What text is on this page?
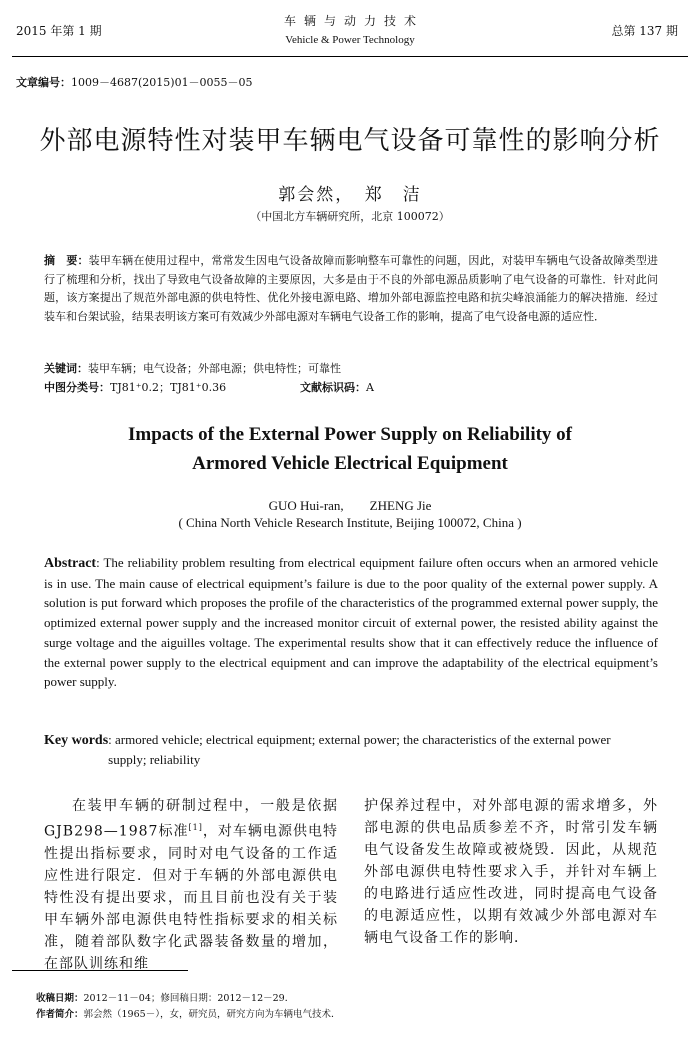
2015 年第 1 期
车辆与动力技术
Vehicle & Power Technology
总第 137 期
文章编号：1009－4687(2015)01－0055－05
外部电源特性对装甲车辆电气设备可靠性的影响分析
郭会然，　郑　洁
（中国北方车辆研究所，北京 100072）
摘　要：装甲车辆在使用过程中，常常发生因电气设备故障而影响整车可靠性的问题，因此，对装甲车辆电气设备故障类型进行了梳理和分析，找出了导致电气设备故障的主要原因，大多是由于不良的外部电源品质影响了电气设备的可靠性．针对此问题，该方案提出了规范外部电源的供电特性、优化外接电源电路、增加外部电源监控电路和抗尖峰浪涌能力的解决措施．经过装车和台架试验，结果表明该方案可有效减少外部电源对车辆电气设备工作的影响，提高了电气设备电源的适应性．
关键词：装甲车辆；电气设备；外部电源；供电特性；可靠性
中图分类号：TJ81⁺0.2；TJ81⁺0.36	文献标识码：A
Impacts of the External Power Supply on Reliability of
Armored Vehicle Electrical Equipment
GUO Hui-ran,　　ZHENG Jie
( China North Vehicle Research Institute, Beijing 100072, China )
Abstract: The reliability problem resulting from electrical equipment failure often occurs when an armored vehicle is in use. The main cause of electrical equipment’s failure is due to the poor quality of the external power supply. A solution is put forward which proposes the profile of the characteristics of the programmed external power supply, the optimized external power supply and the increased monitor circuit of external power, the resisted ability against the surge voltage and the aiguilles voltage. The experimental results show that it can effectively reduce the influence of the external power supply to the electrical equipment and can improve the adaptability of the electrical equipment’s power supply.
Key words: armored vehicle; electrical equipment; external power; the characteristics of the external power supply; reliability
在装甲车辆的研制过程中，一般是依据GJB298—1987标准[1]，对车辆电源供电特性提出指标要求，同时对电气设备的工作适应性进行限定．但对于车辆的外部电源供电特性没有提出要求，而且目前也没有关于装甲车辆外部电源供电特性指标要求的相关标准，随着部队数字化武器装备数量的增加，在部队训练和维
护保养过程中，对外部电源的需求增多，外部电源的供电品质参差不齐，时常引发车辆电气设备发生故障或被烧毁．因此，从规范外部电源供电特性要求入手，并针对车辆上的电路进行适应性改进，同时提高电气设备的电源适应性，以期有效减少外部电源对车辆电气设备工作的影响．
收稿日期：2012－11－04；修回稿日期：2012－12－29．
作者简介：郭会然（1965－），女，研究员，研究方向为车辆电气技术．
